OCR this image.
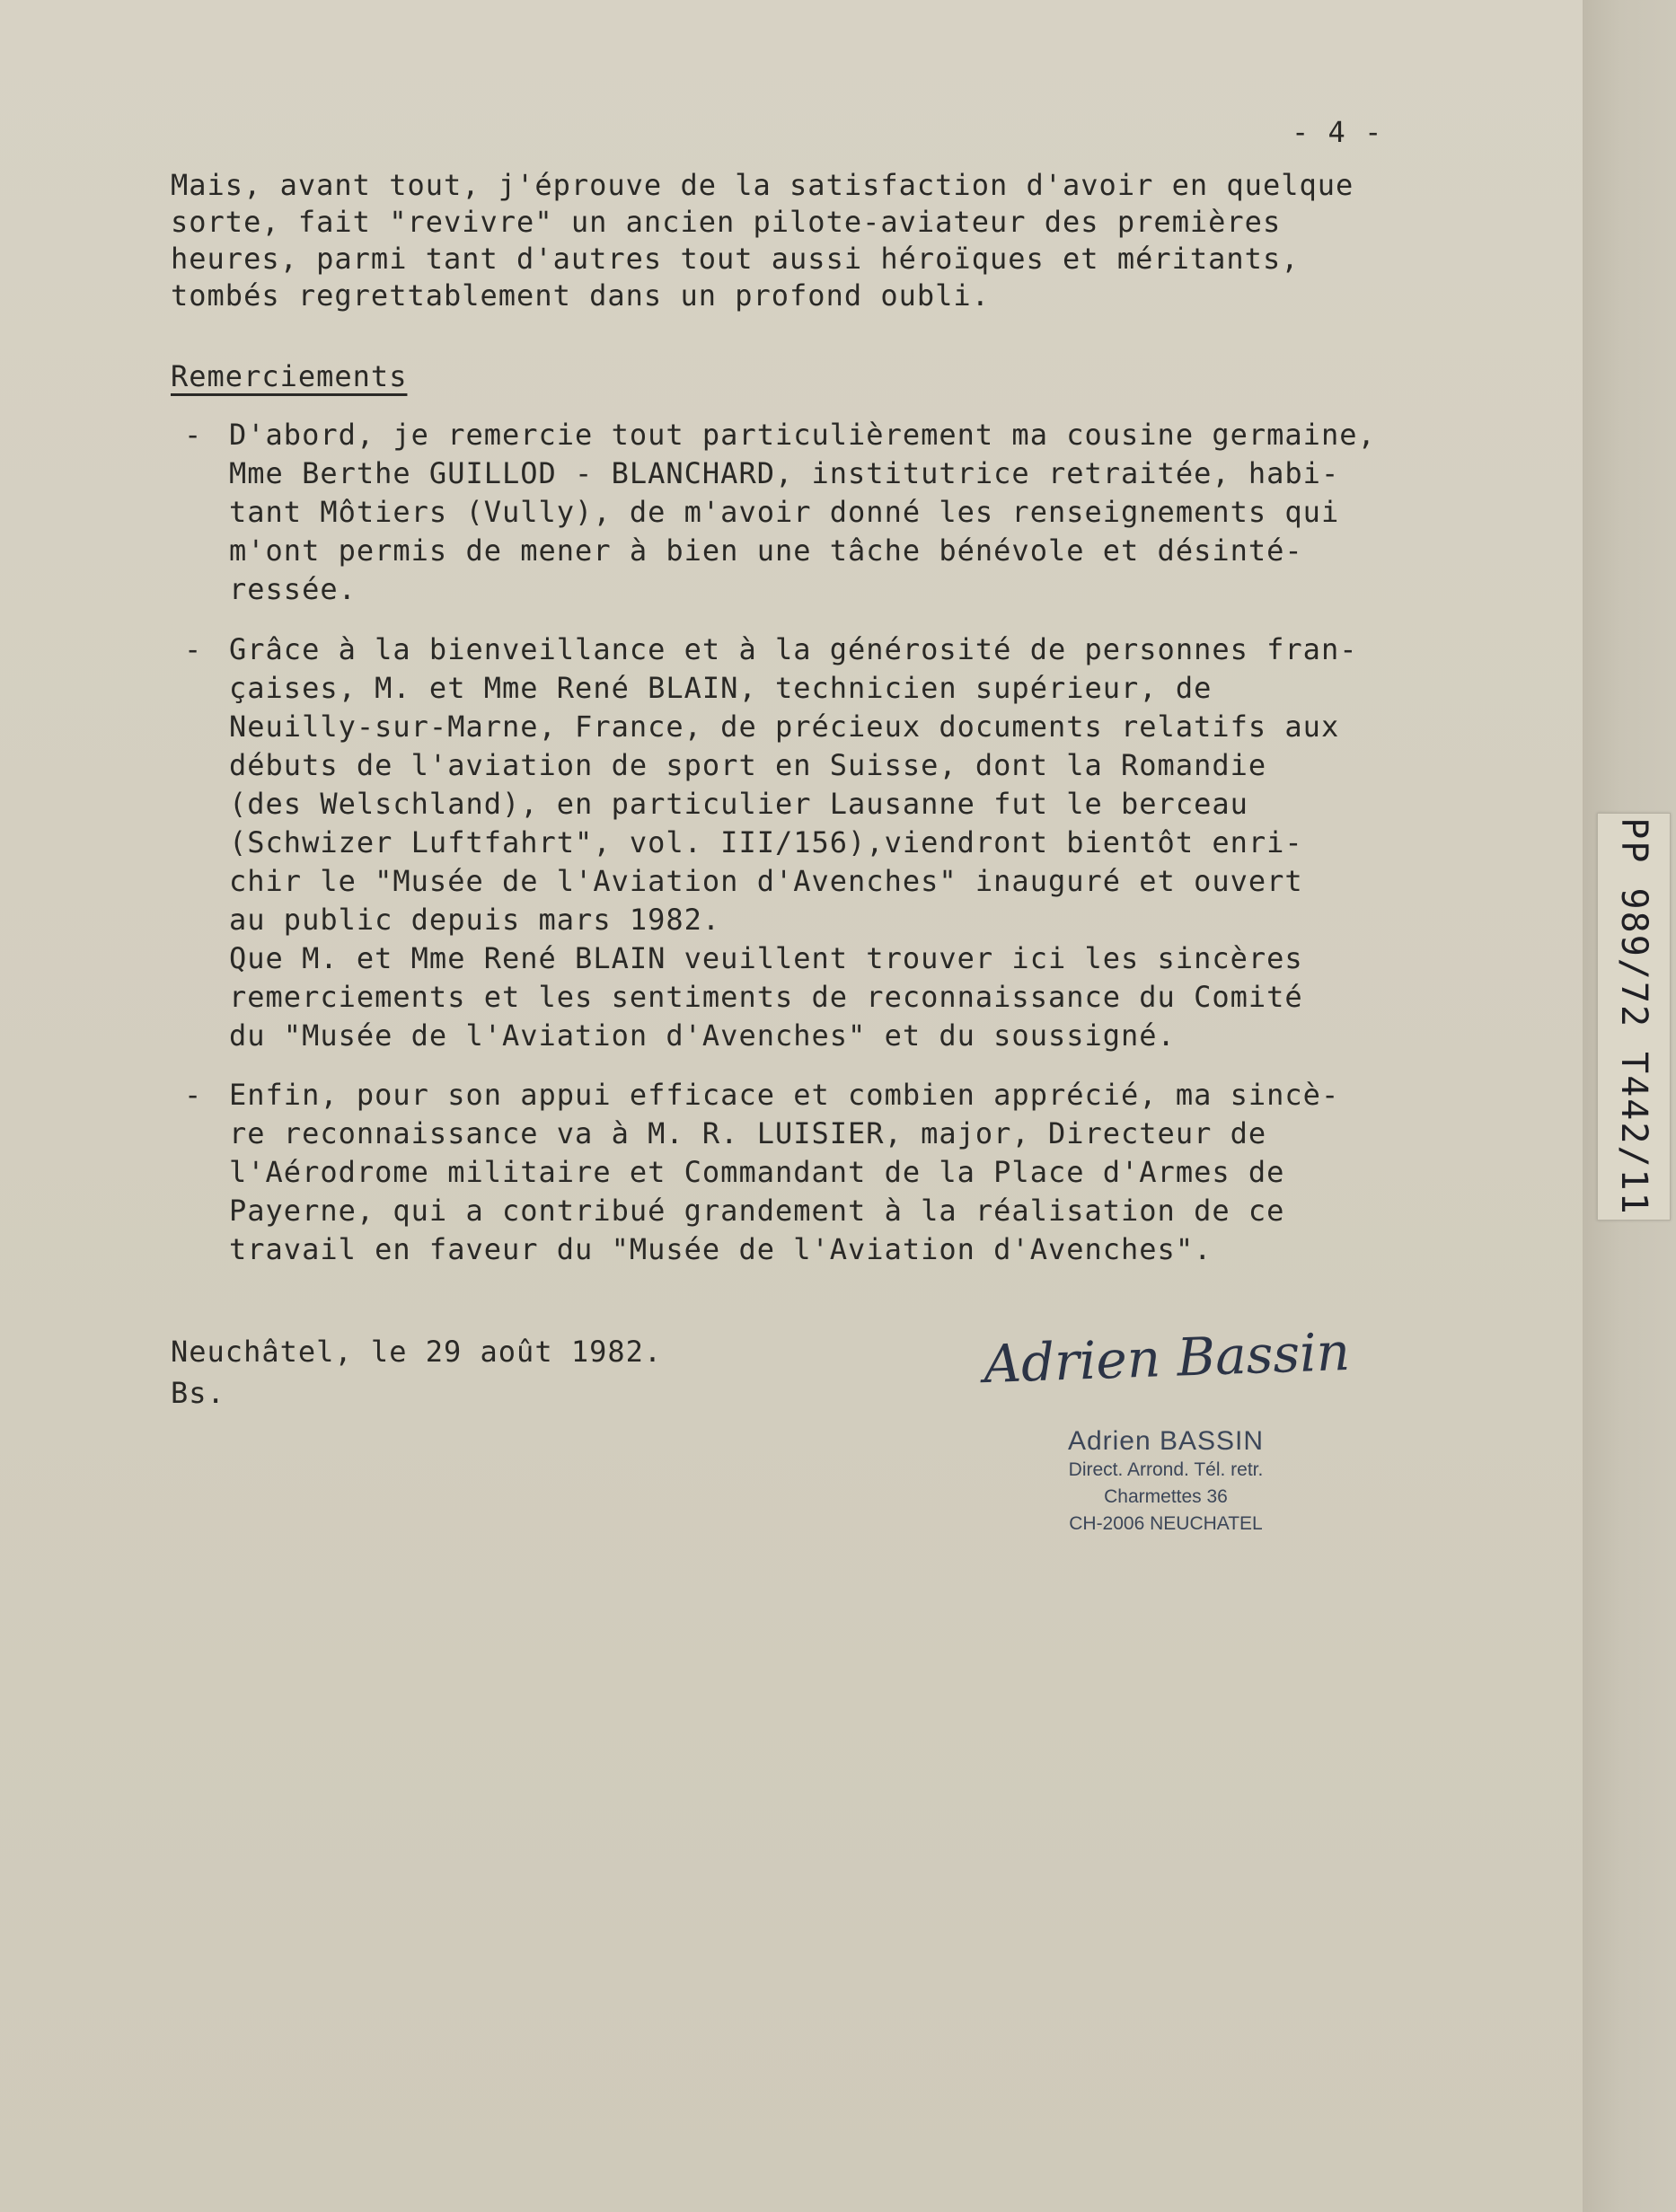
- 4 -

Mais, avant tout, j'éprouve de la satisfaction d'avoir en quelque
sorte, fait "revivre" un ancien pilote-aviateur des premières
heures, parmi tant d'autres tout aussi héroïques et méritants,
tombés regrettablement dans un profond oubli.

Remerciements

- D'abord, je remercie tout particulièrement ma cousine germaine,
Mme Berthe GUILLOD - BLANCHARD, institutrice retraitée, habi-
tant Môtiers (Vully), de m'avoir donné les renseignements qui
m'ont permis de mener à bien une tâche bénévole et désinté-
ressée.
- Grâce à la bienveillance et à la générosité de personnes fran-
çaises, M. et Mme René BLAIN, technicien supérieur, de
Neuilly-sur-Marne, France, de précieux documents relatifs aux
débuts de l'aviation de sport en Suisse, dont la Romandie
(des Welschland), en particulier Lausanne fut le berceau
(Schwizer Luftfahrt", vol. III/156),viendront bientôt enri-
chir le "Musée de l'Aviation d'Avenches" inauguré et ouvert
au public depuis mars 1982.
Que M. et Mme René BLAIN veuillent trouver ici les sincères
remerciements et les sentiments de reconnaissance du Comité
du "Musée de l'Aviation d'Avenches" et du soussigné.
- Enfin, pour son appui efficace et combien apprécié, ma sincè-
re reconnaissance va à M. R. LUISIER, major, Directeur de
l'Aérodrome militaire et Commandant de la Place d'Armes de
Payerne, qui a contribué grandement à la réalisation de ce
travail en faveur du "Musée de l'Aviation d'Avenches".
Neuchâtel, le 29 août 1982.
Bs.	Adrien Bassin
Adrien BASSIN
Direct. Arrond. Tél. retr.
Charmettes 36
CH-2006 NEUCHATEL
PP 989/72 T442/11
